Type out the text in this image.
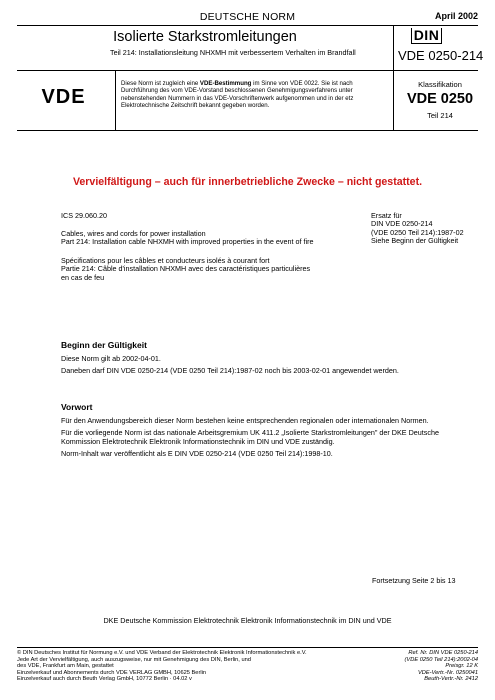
DEUTSCHE NORM	April 2002
Isolierte Starkstromleitungen
Teil 214: Installationsleitung NHXMH mit verbessertem Verhalten im Brandfall
DIN
VDE 0250-214
VDE
Diese Norm ist zugleich eine VDE-Bestimmung im Sinne von VDE 0022. Sie ist nach Durchführung des vom VDE-Vorstand beschlossenen Genehmigungsverfahrens unter nebenstehenden Nummern in das VDE-Vorschriftenwerk aufgenommen und in der etz Elektrotechnische Zeitschrift bekannt gegeben worden.
Klassifikation
VDE 0250
Teil 214
Vervielfältigung – auch für innerbetriebliche Zwecke – nicht gestattet.
ICS 29.060.20
Cables, wires and cords for power installation
Part 214: Installation cable NHXMH with improved properties in the event of fire
Spécifications pour les câbles et conducteurs isolés à courant fort
Partie 214: Câble d'installation NHXMH avec des caractéristiques particulières
en cas de feu
Ersatz für
DIN VDE 0250-214
(VDE 0250 Teil 214):1987-02
Siehe Beginn der Gültigkeit
Beginn der Gültigkeit
Diese Norm gilt ab 2002-04-01.
Daneben darf DIN VDE 0250-214 (VDE 0250 Teil 214):1987-02 noch bis 2003-02-01 angewendet werden.
Vorwort
Für den Anwendungsbereich dieser Norm bestehen keine entsprechenden regionalen oder internationalen Normen.
Für die vorliegende Norm ist das nationale Arbeitsgremium UK 411.2 „Isolierte Starkstromleitungen" der DKE Deutsche
Kommission Elektrotechnik Elektronik Informationstechnik im DIN und VDE zuständig.
Norm-Inhalt war veröffentlicht als E DIN VDE 0250-214 (VDE 0250 Teil 214):1998-10.
Fortsetzung Seite 2 bis 13
DKE Deutsche Kommission Elektrotechnik Elektronik Informationstechnik im DIN und VDE
© DIN Deutsches Institut für Normung e.V. und VDE Verband der Elektrotechnik Elektronik Informationstechnik e.V.
Jede Art der Vervielfältigung, auch auszugsweise, nur mit Genehmigung des DIN, Berlin, und
des VDE, Frankfurt am Main, gestattet
Einzelverkauf und Abonnements durch VDE VERLAG GMBH, 10625 Berlin
Einzelverkauf auch durch Beuth Verlag GmbH, 10772 Berlin · 04.02 v
Ref. Nr. DIN VDE 0250-214
(VDE 0250 Teil 214):2002-04
Preisgr. 12 K
VDE-Vertr.-Nr. 0250041
Beuth-Vertr.-Nr. 2412
